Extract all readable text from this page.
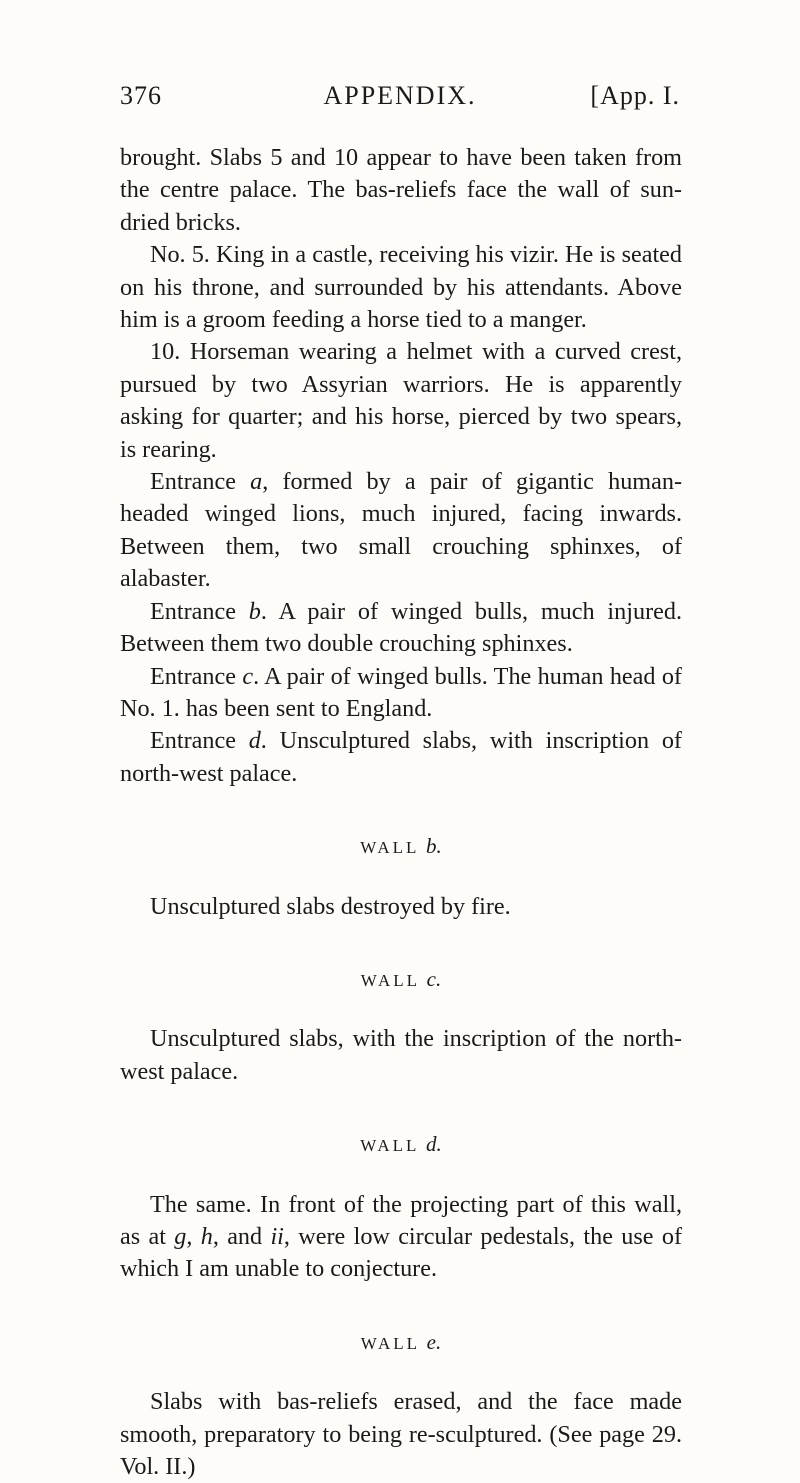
376	APPENDIX.	[App. I.

brought. Slabs 5 and 10 appear to have been taken from the centre palace. The bas-reliefs face the wall of sun-dried bricks.

No. 5. King in a castle, receiving his vizir. He is seated on his throne, and surrounded by his attendants. Above him is a groom feeding a horse tied to a manger.

10. Horseman wearing a helmet with a curved crest, pursued by two Assyrian warriors. He is apparently asking for quarter; and his horse, pierced by two spears, is rearing.

Entrance a, formed by a pair of gigantic human-headed winged lions, much injured, facing inwards. Between them, two small crouching sphinxes, of alabaster.

Entrance b. A pair of winged bulls, much injured. Between them two double crouching sphinxes.

Entrance c. A pair of winged bulls. The human head of No. 1. has been sent to England.

Entrance d. Unsculptured slabs, with inscription of north-west palace.

WALL b.

Unsculptured slabs destroyed by fire.

WALL c.

Unsculptured slabs, with the inscription of the north-west palace.

WALL d.

The same. In front of the projecting part of this wall, as at g, h, and ii, were low circular pedestals, the use of which I am unable to conjecture.

WALL e.

Slabs with bas-reliefs erased, and the face made smooth, preparatory to being re-sculptured. (See page 29. Vol. II.)
